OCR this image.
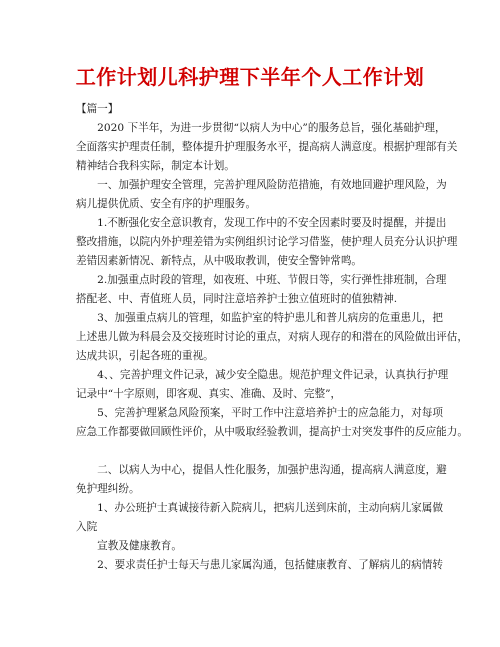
工作计划儿科护理下半年个人工作计划
【篇一】
　　2020 下半年，为进一步贯彻“以病人为中心”的服务总旨，强化基础护理，
全面落实护理责任制，整体提升护理服务水平，提高病人满意度。根据护理部有关
精神结合我科实际，制定本计划。
　　一、加强护理安全管理，完善护理风险防范措施，有效地回避护理风险，为
病儿提供优质、安全有序的护理服务。
　　1.不断强化安全意识教育，发现工作中的不安全因素时要及时提醒，并提出
整改措施，以院内外护理差错为实例组织讨论学习借鉴，使护理人员充分认识护理
差错因素新情况、新特点，从中吸取教训，使安全警钟常鸣。
　　2.加强重点时段的管理，如夜班、中班、节假日等，实行弹性排班制，合理
搭配老、中、青值班人员，同时注意培养护士独立值班时的值独精神.
　　3、加强重点病儿的管理，如监护室的特护患儿和普儿病房的危重患儿，把
上述患儿做为科晨会及交接班时讨论的重点，对病人现存的和潜在的风险做出评估，
达成共识，引起各班的重视。
　　4、、完善护理文件记录，减少安全隐患。规范护理文件记录，认真执行护理
记录中“十字原则，即客观、真实、准确、及时、完整”，
　　5、完善护理紧急风险预案，平时工作中注意培养护士的应急能力，对每项
应急工作都要做回顾性评价，从中吸取经验教训，提高护士对突发事件的反应能力。
　　二、以病人为中心，提倡人性化服务，加强护患沟通，提高病人满意度，避
免护理纠纷。
　　1、办公班护士真诚接待新入院病儿，把病儿送到床前，主动向病儿家属做
入院
　　宣教及健康教育。
　　2、要求责任护士每天与患儿家属沟通，包括健康教育、了解病儿的病情转
